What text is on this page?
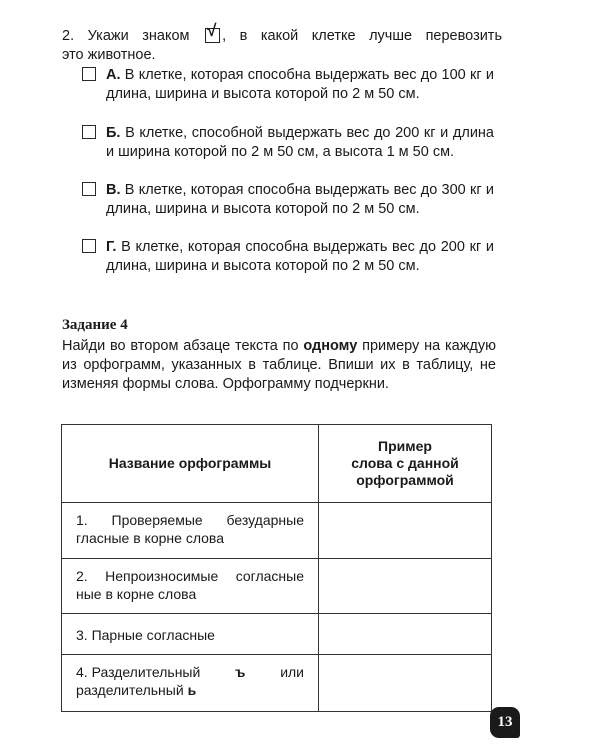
2. Укажи знаком √ , в какой клетке лучше перевозить
это животное.
А. В клетке, которая способна выдержать вес до 100 кг и длина, ширина и высота которой по 2 м 50 см.
Б. В клетке, способной выдержать вес до 200 кг и длина и ширина которой по 2 м 50 см, а высота 1 м 50 см.
В. В клетке, которая способна выдержать вес до 300 кг и длина, ширина и высота которой по 2 м 50 см.
Г. В клетке, которая способна выдержать вес до 200 кг и длина, ширина и высота которой по 2 м 50 см.
Задание 4
Найди во втором абзаце текста по одному примеру на каждую из орфограмм, указанных в таблице. Впиши их в таблицу, не изменяя формы слова. Орфограмму подчеркни.
Название орфограммы	Пример
слова с данной
орфограммой

1. Проверяемые безударные
гласные в корне слова	

2. Непроизносимые согласные
ные в корне слова	

3. Парные согласные	

4. Разделительный ъ или
разделительный ь	

13
